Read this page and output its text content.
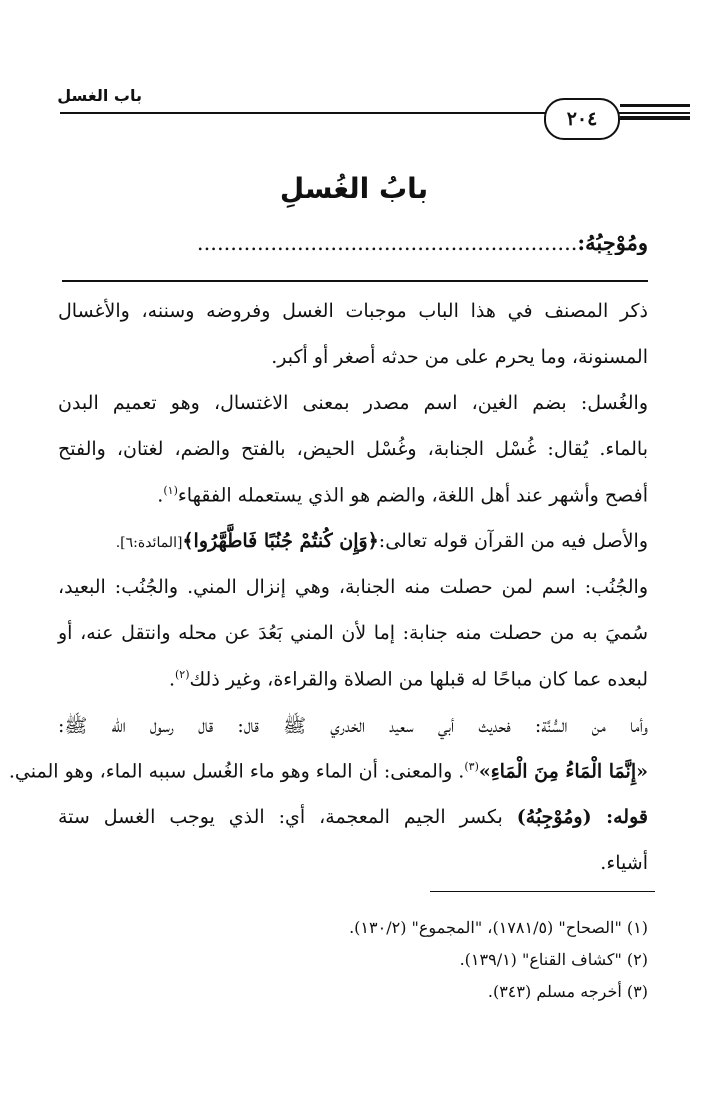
باب الغسل
٢٠٤
بابُ الغُسلِ
ومُوْجِبُهُ:.........................................................
ذكر المصنف في هذا الباب موجبات الغسل وفروضه وسننه، والأغسال
المسنونة، وما يحرم على من حدثه أصغر أو أكبر.
والغُسل: بضم الغين، اسم مصدر بمعنى الاغتسال، وهو تعميم البدن
بالماء. يُقال: غُسْل الجنابة، وغُسْل الحيض، بالفتح والضم، لغتان، والفتح
أفصح وأشهر عند أهل اللغة، والضم هو الذي يستعمله الفقهاء$^{(١)}$.
والأصل فيه من القرآن قوله تعالى:﴿وَإِن كُنتُمْ جُنُبًا فَاطَّهَّرُوا﴾[المائدة:٦].
والجُنُب: اسم لمن حصلت منه الجنابة، وهي إنزال المني. والجُنُب: البعيد،
سُميَ به من حصلت منه جنابة: إما لأن المني بَعُدَ عن محله وانتقل عنه، أو
لبعده عما كان مباحًا له قبلها من الصلاة والقراءة، وغير ذلك$^{(٢)}$.
وأما من السُّنَّة: فحديث أبي سعيد الخدري ﷺ قال: قال رسول الله ﷺ:
«إِنَّمَا الْمَاءُ مِنَ الْمَاءِ»$^{(٣)}$. والمعنى: أن الماء وهو ماء الغُسل سببه الماء، وهو المني.
قوله: (ومُوْجِبُهُ) بكسر الجيم المعجمة، أي: الذي يوجب الغسل ستة
أشياء.
(١) "الصحاح" (١٧٨١/٥)، "المجموع" (١٣٠/٢).
(٢) "كشاف القناع" (١٣٩/١).
(٣) أخرجه مسلم (٣٤٣).
